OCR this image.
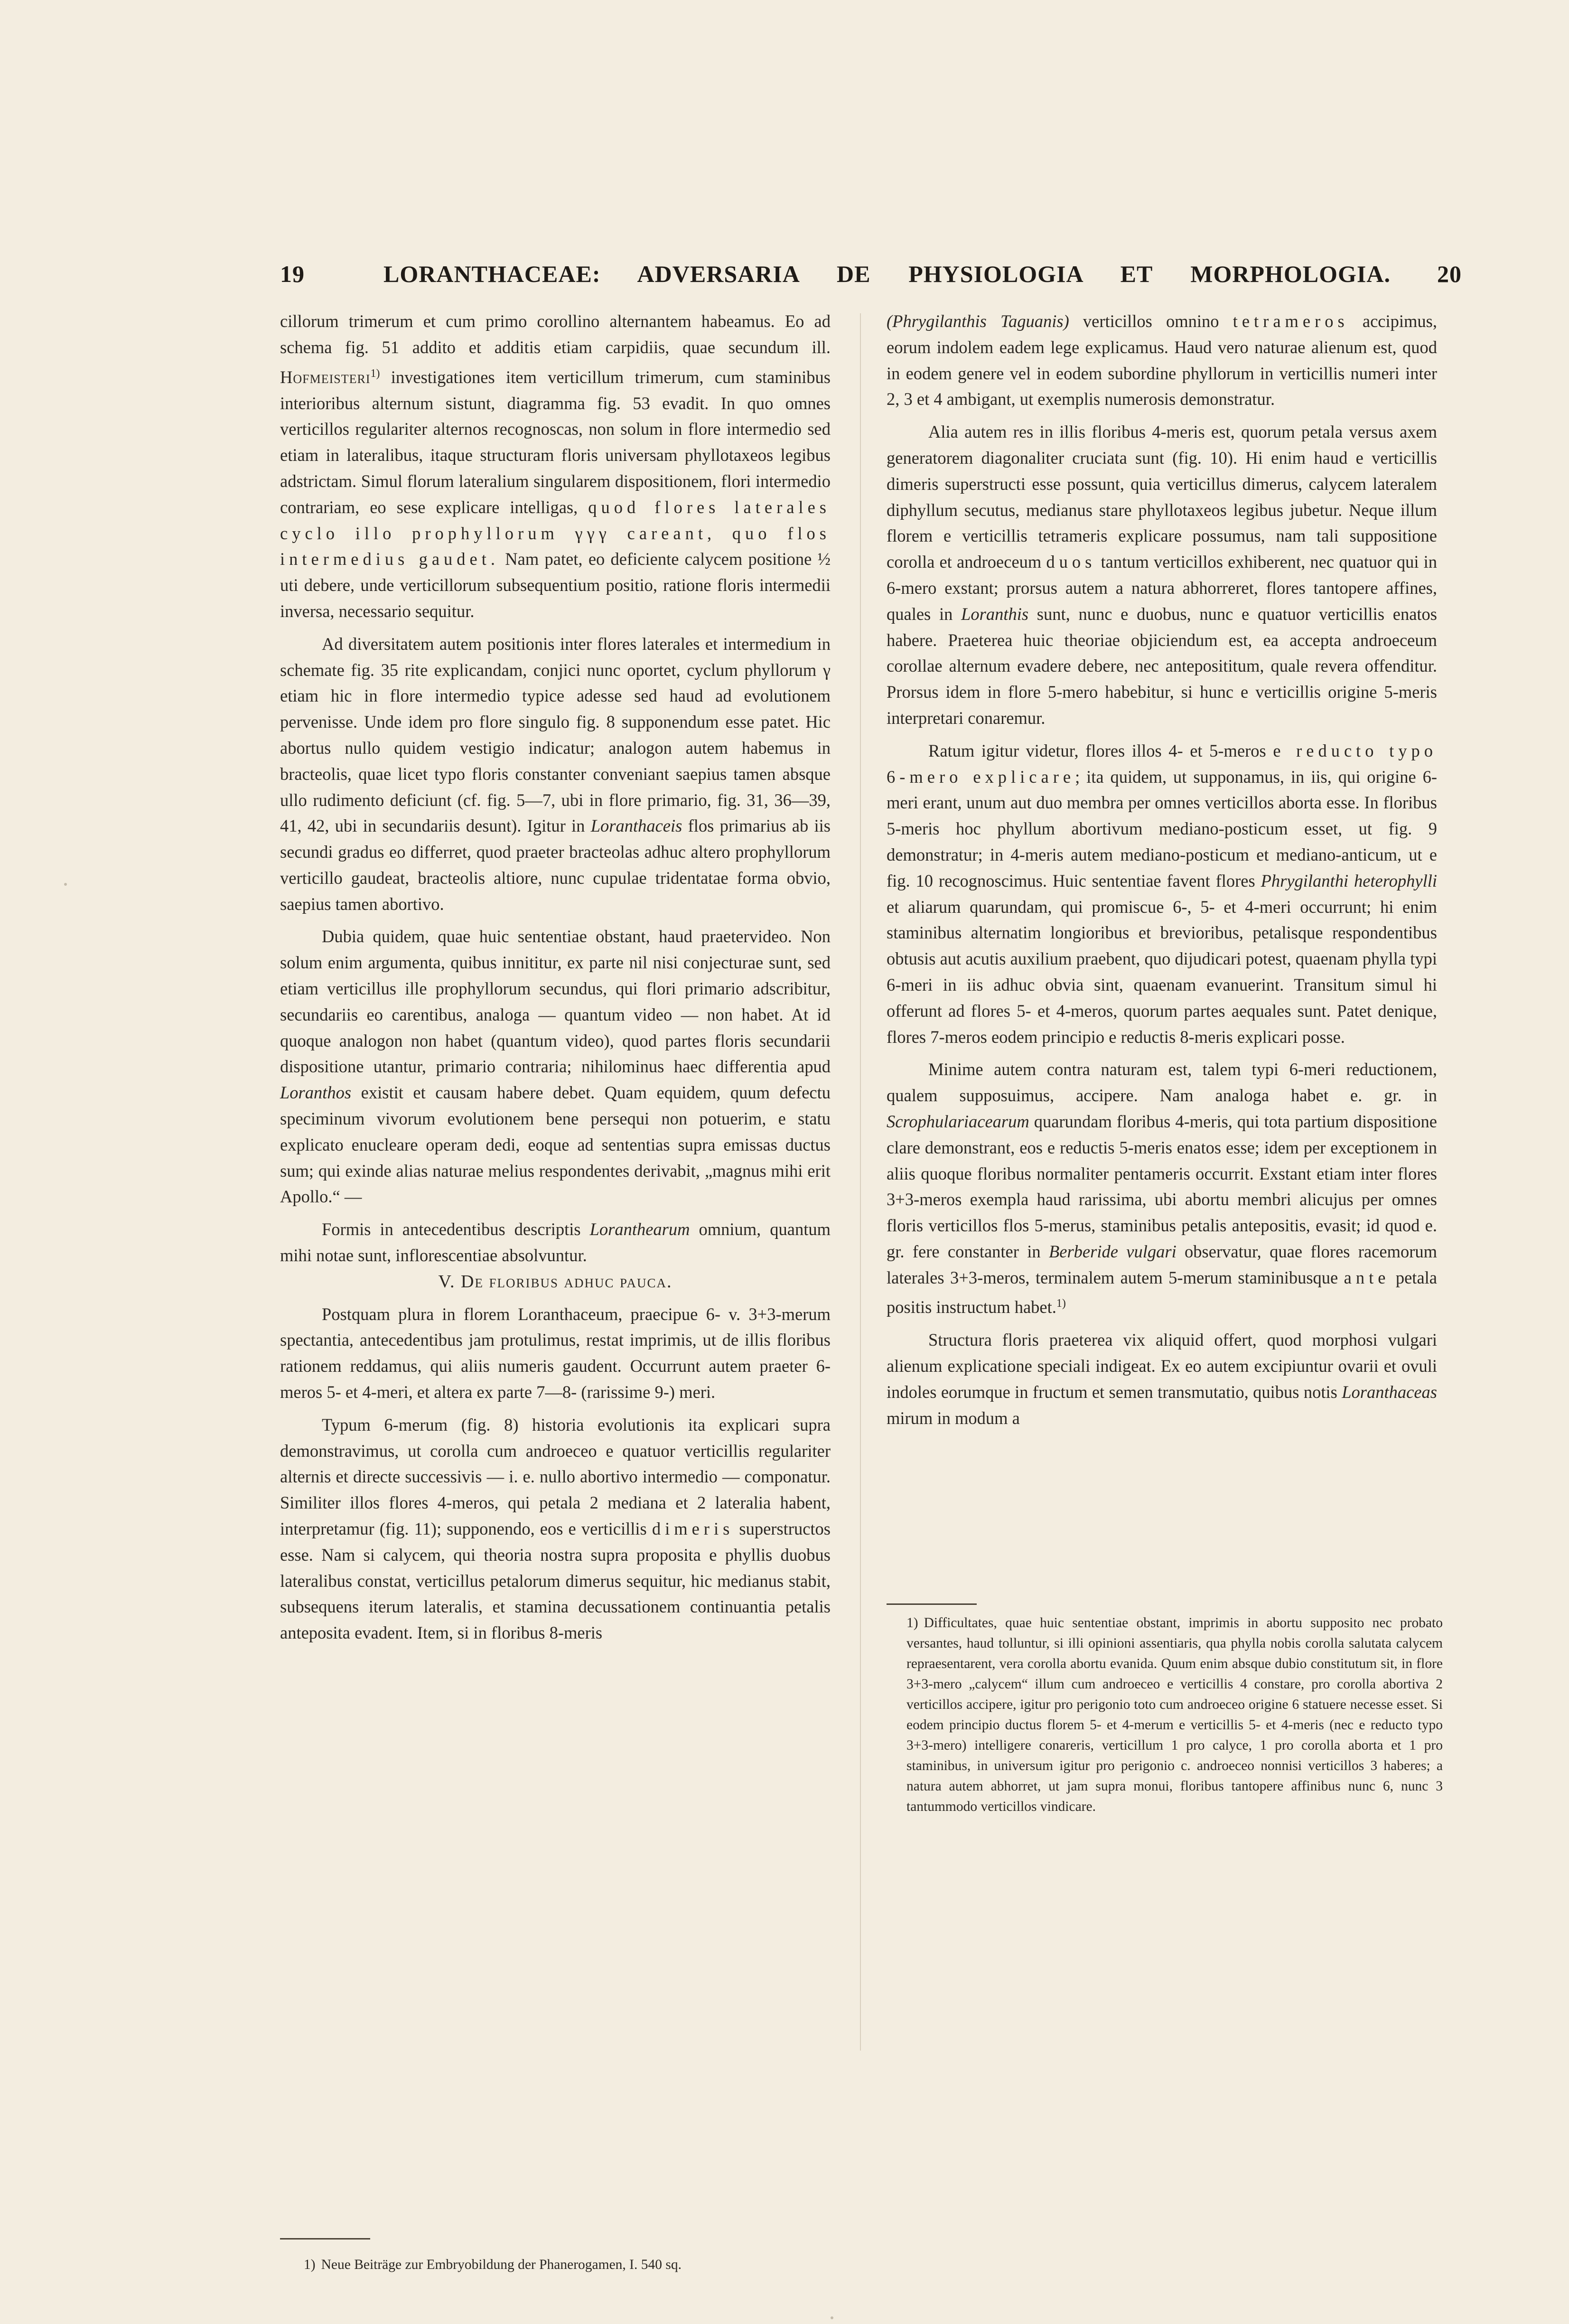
19	LORANTHACEAE: ADVERSARIA DE PHYSIOLOGIA ET MORPHOLOGIA. 20

cillorum trimerum et cum primo corollino alternantem habeamus. Eo ad schema fig. 51 addito et additis etiam carpidiis, quae secundum ill. Hofmeisteri$^{1)}$ investigationes item verticillum trimerum, cum staminibus interioribus alternum sistunt, diagramma fig. 53 evadit. In quo omnes verticillos regulariter alternos recognoscas, non solum in flore intermedio sed etiam in lateralibus, itaque structuram floris universam phyllotaxeos legibus adstrictam. Simul florum lateralium singularem dispositionem, flori intermedio contrariam, eo sese explicare intelligas, quod flores laterales cyclo illo prophyllorum γγγ careant, quo flos intermedius gaudet. Nam patet, eo deficiente calycem positione ½ uti debere, unde verticillorum subsequentium positio, ratione floris intermedii inversa, necessario sequitur.

Ad diversitatem autem positionis inter flores laterales et intermedium in schemate fig. 35 rite explicandam, conjici nunc oportet, cyclum phyllorum γ etiam hic in flore intermedio typice adesse sed haud ad evolutionem pervenisse. Unde idem pro flore singulo fig. 8 supponendum esse patet. Hic abortus nullo quidem vestigio indicatur; analogon autem habemus in bracteolis, quae licet typo floris constanter conveniant saepius tamen absque ullo rudimento deficiunt (cf. fig. 5—7, ubi in flore primario, fig. 31, 36—39, 41, 42, ubi in secundariis desunt). Igitur in Loranthaceis flos primarius ab iis secundi gradus eo differret, quod praeter bracteolas adhuc altero prophyllorum verticillo gaudeat, bracteolis altiore, nunc cupulae tridentatae forma obvio, saepius tamen abortivo.

Dubia quidem, quae huic sententiae obstant, haud praetervideo. Non solum enim argumenta, quibus innititur, ex parte nil nisi conjecturae sunt, sed etiam verticillus ille prophyllorum secundus, qui flori primario adscribitur, secundariis eo carentibus, analoga — quantum video — non habet. At id quoque analogon non habet (quantum video), quod partes floris secundarii dispositione utantur, primario contraria; nihilominus haec differentia apud Loranthos existit et causam habere debet. Quam equidem, quum defectu speciminum vivorum evolutionem bene persequi non potuerim, e statu explicato enucleare operam dedi, eoque ad sententias supra emissas ductus sum; qui exinde alias naturae melius respondentes derivabit, „magnus mihi erit Apollo.“ —

Formis in antecedentibus descriptis Loranthearum omnium, quantum mihi notae sunt, inflorescentiae absolvuntur.

V. De floribus adhuc pauca.

Postquam plura in florem Loranthaceum, praecipue 6- v. 3+3-merum spectantia, antecedentibus jam protulimus, restat imprimis, ut de illis floribus rationem reddamus, qui aliis numeris gaudent. Occurrunt autem praeter 6-meros 5- et 4-meri, et altera ex parte 7—8- (rarissime 9-) meri.

Typum 6-merum (fig. 8) historia evolutionis ita explicari supra demonstravimus, ut corolla cum androeceo e quatuor verticillis regulariter alternis et directe successivis — i. e. nullo abortivo intermedio — componatur. Similiter illos flores 4-meros, qui petala 2 mediana et 2 lateralia habent, interpretamur (fig. 11); supponendo, eos e verticillis dimeris superstructos esse. Nam si calycem, qui theoria nostra supra proposita e phyllis duobus lateralibus constat, verticillus petalorum dimerus sequitur, hic medianus stabit, subsequens iterum lateralis, et stamina decussationem continuantia petalis anteposita evadent. Item, si in floribus 8-meris

1) Neue Beiträge zur Embryobildung der Phanerogamen, I. 540 sq.

(Phrygilanthis Taguanis) verticillos omnino tetrameros accipimus, eorum indolem eadem lege explicamus. Haud vero naturae alienum est, quod in eodem genere vel in eodem subordine phyllorum in verticillis numeri inter 2, 3 et 4 ambigant, ut exemplis numerosis demonstratur.

Alia autem res in illis floribus 4-meris est, quorum petala versus axem generatorem diagonaliter cruciata sunt (fig. 10). Hi enim haud e verticillis dimeris superstructi esse possunt, quia verticillus dimerus, calycem lateralem diphyllum secutus, medianus stare phyllotaxeos legibus jubetur. Neque illum florem e verticillis tetrameris explicare possumus, nam tali suppositione corolla et androeceum duos tantum verticillos exhiberent, nec quatuor qui in 6-mero exstant; prorsus autem a natura abhorreret, flores tantopere affines, quales in Loranthis sunt, nunc e duobus, nunc e quatuor verticillis enatos habere. Praeterea huic theoriae objiciendum est, ea accepta androeceum corollae alternum evadere debere, nec anteposititum, quale revera offenditur. Prorsus idem in flore 5-mero habebitur, si hunc e verticillis origine 5-meris interpretari conaremur.

Ratum igitur videtur, flores illos 4- et 5-meros e reducto typo 6-mero explicare; ita quidem, ut supponamus, in iis, qui origine 6-meri erant, unum aut duo membra per omnes verticillos aborta esse. In floribus 5-meris hoc phyllum abortivum mediano-posticum esset, ut fig. 9 demonstratur; in 4-meris autem mediano-posticum et mediano-anticum, ut e fig. 10 recognoscimus. Huic sententiae favent flores Phrygilanthi heterophylli et aliarum quarundam, qui promiscue 6-, 5- et 4-meri occurrunt; hi enim staminibus alternatim longioribus et brevioribus, petalisque respondentibus obtusis aut acutis auxilium praebent, quo dijudicari potest, quaenam phylla typi 6-meri in iis adhuc obvia sint, quaenam evanuerint. Transitum simul hi offerunt ad flores 5- et 4-meros, quorum partes aequales sunt. Patet denique, flores 7-meros eodem principio e reductis 8-meris explicari posse.

Minime autem contra naturam est, talem typi 6-meri reductionem, qualem supposuimus, accipere. Nam analoga habet e. gr. in Scrophulariacearum quarundam floribus 4-meris, qui tota partium dispositione clare demonstrant, eos e reductis 5-meris enatos esse; idem per exceptionem in aliis quoque floribus normaliter pentameris occurrit. Exstant etiam inter flores 3+3-meros exempla haud rarissima, ubi abortu membri alicujus per omnes floris verticillos flos 5-merus, staminibus petalis antepositis, evasit; id quod e. gr. fere constanter in Berberide vulgari observatur, quae flores racemorum laterales 3+3-meros, terminalem autem 5-merum staminibusque ante petala positis instructum habet.$^{1)}$

Structura floris praeterea vix aliquid offert, quod morphosi vulgari alienum explicatione speciali indigeat. Ex eo autem excipiuntur ovarii et ovuli indoles eorumque in fructum et semen transmutatio, quibus notis Loranthaceas mirum in modum a

1) Difficultates, quae huic sententiae obstant, imprimis in abortu supposito nec probato versantes, haud tolluntur, si illi opinioni assentiaris, qua phylla nobis corolla salutata calycem repraesentarent, vera corolla abortu evanida. Quum enim absque dubio constitutum sit, in flore 3+3-mero „calycem“ illum cum androeceo e verticillis 4 constare, pro corolla abortiva 2 verticillos accipere, igitur pro perigonio toto cum androeceo origine 6 statuere necesse esset. Si eodem principio ductus florem 5- et 4-merum e verticillis 5- et 4-meris (nec e reducto typo 3+3-mero) intelligere conareris, verticillum 1 pro calyce, 1 pro corolla aborta et 1 pro staminibus, in universum igitur pro perigonio c. androeceo nonnisi verticillos 3 haberes; a natura autem abhorret, ut jam supra monui, floribus tantopere affinibus nunc 6, nunc 3 tantummodo verticillos vindicare.
